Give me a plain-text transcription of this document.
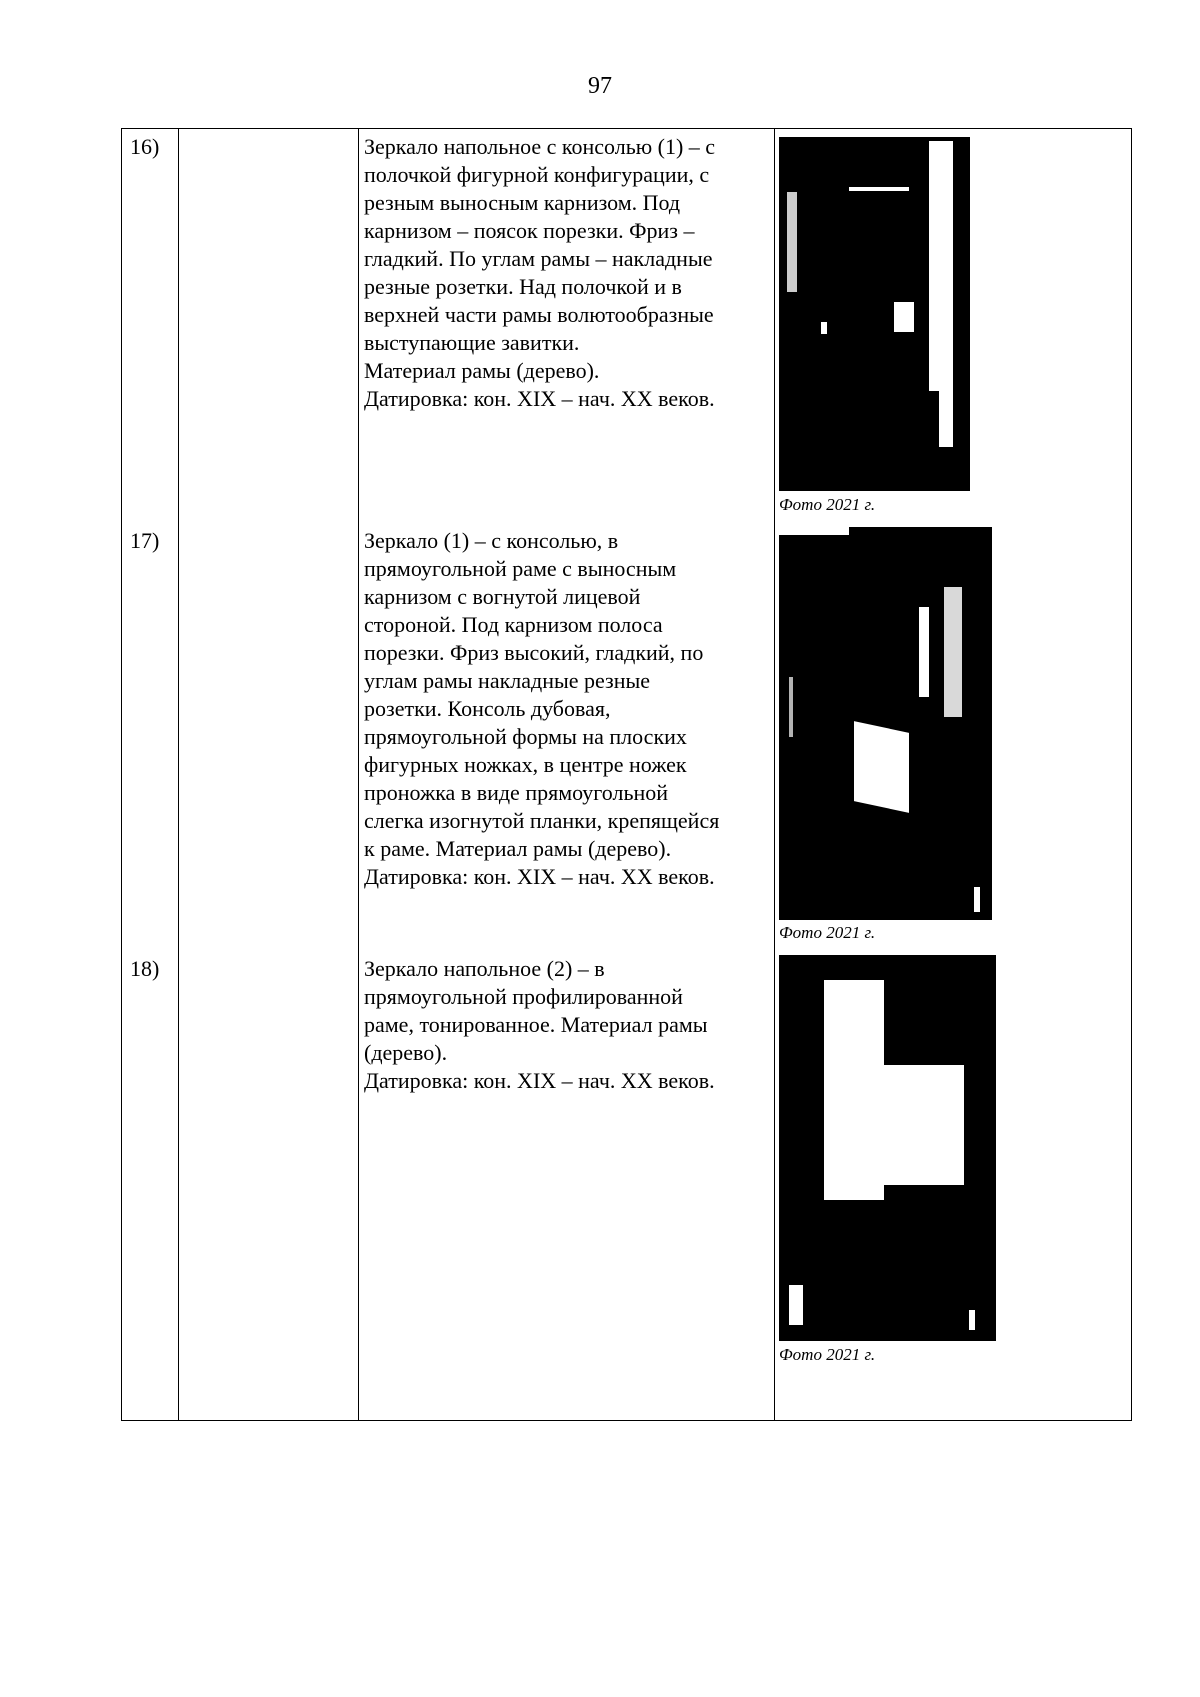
97
16)	Зеркало напольное с консолью (1) – с
полочкой фигурной конфигурации, с
резным выносным карнизом. Под
карнизом – поясок порезки. Фриз –
гладкий. По углам рамы – накладные
резные розетки. Над полочкой и в
верхней части рамы волютообразные
выступающие завитки.
Материал рамы (дерево).
Датировка: кон. XIX – нач. XX веков.
Фото 2021 г.
17)	Зеркало (1) – с консолью, в
прямоугольной раме с выносным
карнизом с вогнутой лицевой
стороной. Под карнизом полоса
порезки. Фриз высокий, гладкий, по
углам рамы накладные резные
розетки. Консоль дубовая,
прямоугольной формы на плоских
фигурных ножках, в центре ножек
проножка в виде прямоугольной
слегка изогнутой планки, крепящейся
к раме. Материал рамы (дерево).
Датировка: кон. XIX – нач. XX веков.
Фото 2021 г.
18)	Зеркало напольное (2) – в
прямоугольной профилированной
раме, тонированное. Материал рамы
(дерево).
Датировка: кон. XIX – нач. XX веков.
Фото 2021 г.
